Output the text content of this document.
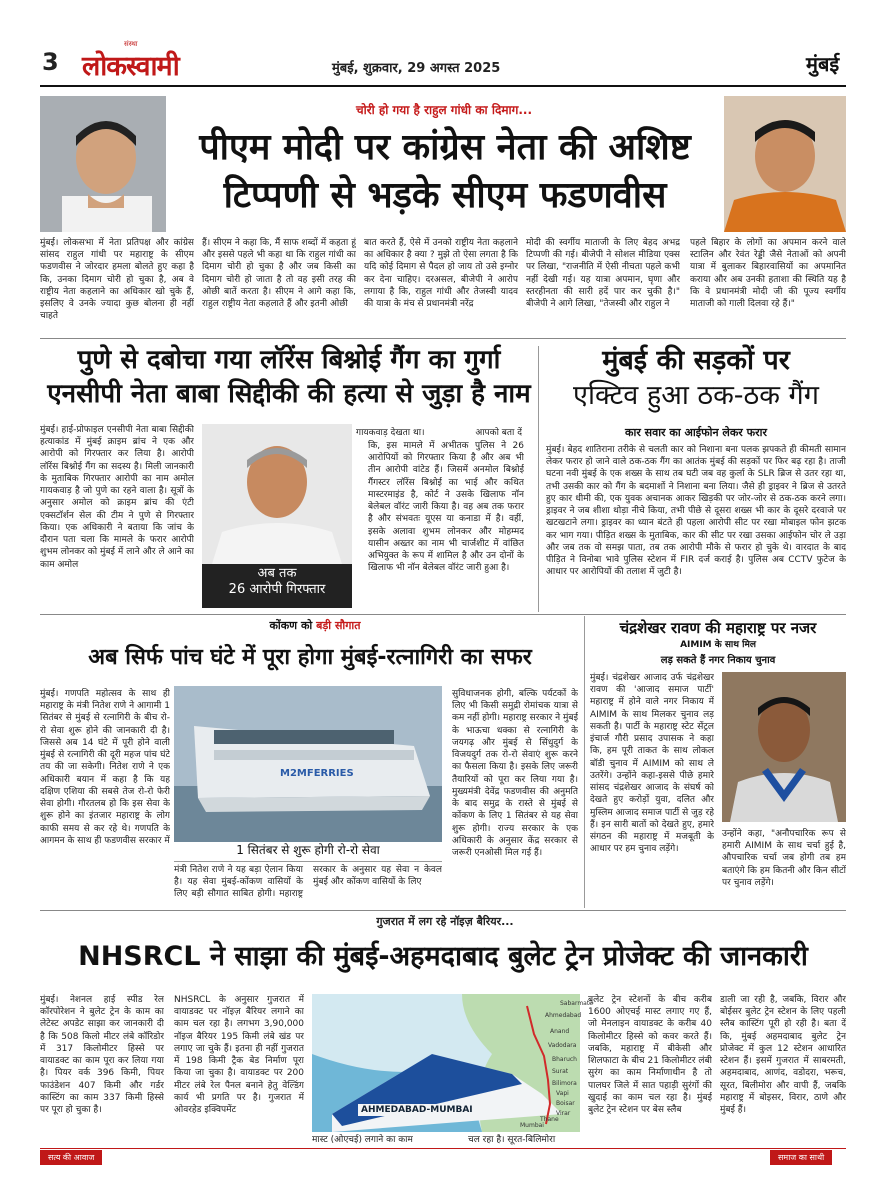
3
संस्था
लोकस्वामी	मुंबई, शुक्रवार, 29 अगस्त 2025	मुंबई
चोरी हो गया है राहुल गांधी का दिमाग...
पीएम मोदी पर कांग्रेस नेता की अशिष्ट
टिप्पणी से भड़के सीएम फडणवीस
मुंबई। लोकसभा में नेता प्रतिपक्ष और कांग्रेस सांसद राहुल गांधी पर महाराष्ट्र के सीएम फडणवीस ने जोरदार हमला बोलते हुए कहा है कि, उनका दिमाग चोरी हो चुका है, अब वे राष्ट्रीय नेता कहलाने का अधिकार खो चुके हैं, इसलिए वे उनके ज्यादा कुछ बोलना ही नहीं चाहते
हैं। सीएम ने कहा कि, मैं साफ शब्दों में कहता हूं और इससे पहले भी कहा था कि राहुल गांधी का दिमाग चोरी हो चुका है और जब किसी का दिमाग चोरी हो जाता है तो वह इसी तरह की ओछी बातें करता है। सीएम ने आगे कहा कि, राहुल राष्ट्रीय नेता कहलाते हैं और इतनी ओछी
बात करते हैं, ऐसे में उनको राष्ट्रीय नेता कहलाने का अधिकार है क्या ? मुझे तो ऐसा लगता है कि यदि कोई दिमाग से पैदल हो जाय तो उसे इग्नोर कर देना चाहिए। दरअसल, बीजेपी ने आरोप लगाया है कि, राहुल गांधी और तेजस्वी यादव की यात्रा के मंच से प्रधानमंत्री नरेंद्र
मोदी की स्वर्गीय माताजी के लिए बेहद अभद्र टिप्पणी की गई। बीजेपी ने सोशल मीडिया एक्स पर लिखा, "राजनीति में ऐसी नीचता पहले कभी नहीं देखी गई। यह यात्रा अपमान, घृणा और स्तरहीनता की सारी हदें पार कर चुकी है।" बीजेपी ने आगे लिखा, "तेजस्वी और राहुल ने
पहले बिहार के लोगों का अपमान करने वाले स्टालिन और रेवंत रेड्डी जैसे नेताओं को अपनी यात्रा में बुलाकर बिहारवासियों का अपमानित कराया और अब उनकी हताशा की स्थिति यह है कि वे प्रधानमंत्री मोदी जी की पूज्य स्वर्गीय माताजी को गाली दिलवा रहे हैं।"
पुणे से दबोचा गया लॉरेंस बिश्नोई गैंग का गुर्गा
एनसीपी नेता बाबा सिद्दीकी की हत्या से जुड़ा है नाम
मुंबई। हाई-प्रोफाइल एनसीपी नेता बाबा सिद्दीकी हत्याकांड में मुंबई क्राइम ब्रांच ने एक और आरोपी को गिरफ्तार कर लिया है। आरोपी लॉरेंस बिश्नोई गैंग का सदस्य है। मिली जानकारी के मुताबिक गिरफ्तार आरोपी का नाम अमोल गायकवाड़ है जो पुणे का रहने वाला है। सूत्रों के अनुसार अमोल को क्राइम ब्रांच की एंटी एक्सटॉर्शन सेल की टीम ने पुणे से गिरफ्तार किया। एक अधिकारी ने बताया कि जांच के दौरान पता चला कि मामले के फरार आरोपी शुभम लोनकर को मुंबई में लाने और ले आने का काम अमोल
अब तक
26 आरोपी गिरफ्तार
गायकवाड़ देखता था।	आपको बता दें
कि, इस मामले में अभीतक पुलिस ने 26 आरोपियों को गिरफ्तार किया है और अब भी तीन आरोपी वांटेड हैं। जिसमें अनमोल बिश्नोई गैंगस्टर लॉरेंस बिश्नोई का भाई और कथित मास्टरमाइंड है, कोर्ट ने उसके खिलाफ नॉन बेलेबल वॉरंट जारी किया है। वह अब तक फरार है और संभवतः यूएस या कनाडा में है। वहीं, इसके अलावा शुभम लोनकर और मोहम्मद यासीन अख्तर का नाम भी चार्जशीट में वांछित अभियुक्त के रूप में शामिल है और उन दोनों के खिलाफ भी नॉन बेलेबल वॉरंट जारी हुआ है।
मुंबई की सड़कों पर
एक्टिव हुआ ठक-ठक गैंग
कार सवार का आईफोन लेकर फरार
मुंबई। बेहद शातिराना तरीके से चलती कार को निशाना बना पलक झपकते ही कीमती सामान लेकर फरार हो जाने वाले ठक-ठक गैंग का आतंक मुंबई की सड़कों पर फिर बढ़ रहा है। ताजी घटना नवी मुंबई के एक शख्स के साथ तब घटी जब वह कुर्ला के SLR ब्रिज से उतर रहा था, तभी उसकी कार को गैंग के बदमाशों ने निशाना बना लिया। जैसे ही ड्राइवर ने ब्रिज से उतरते हुए कार धीमी की, एक युवक अचानक आकर खिड़की पर जोर-जोर से ठक-ठक करने लगा। ड्राइवर ने जब शीशा थोड़ा नीचे किया, तभी पीछे से दूसरा शख्स भी कार के दूसरे दरवाजे पर खटखटाने लगा। ड्राइवर का ध्यान बंटते ही पहला आरोपी सीट पर रखा मोबाइल फोन झटक कर भाग गया। पीड़ित शख्स के मुताबिक, कार की सीट पर रखा उसका आईफोन चोर ले उड़ा और जब तक वो समझ पाता, तब तक आरोपी मौके से फरार हो चुके थे। वारदात के बाद पीड़ित ने विनोबा भावे पुलिस स्टेशन में FIR दर्ज कराई है। पुलिस अब CCTV फुटेज के आधार पर आरोपियों की तलाश में जुटी है।
कोंकण को बड़ी सौगात
अब सिर्फ पांच घंटे में पूरा होगा मुंबई-रत्नागिरी का सफर
मुंबई। गणपति महोत्सव के साथ ही महाराष्ट्र के मंत्री नितेश राणे ने आगामी 1 सितंबर से मुंबई से रत्नागिरी के बीच रो-रो सेवा शुरू होने की जानकारी दी है। जिससे अब 14 घंटे में पूरी होने वाली मुंबई से रत्नागिरी की दूरी महज पांच घंटे तय की जा सकेगी। नितेश राणे ने एक अधिकारी बयान में कहा है कि यह दक्षिण एशिया की सबसे तेज रो-रो फेरी सेवा होगी। गौरतलब हो कि इस सेवा के शुरू होने का इंतजार महाराष्ट्र के लोग काफी समय से कर रहे थे। गणपति के आगमन के साथ ही फडणवीस सरकार में
M2MFERRIES
1 सितंबर से शुरू होगी रो-रो सेवा
मंत्री नितेश राणे ने यह बड़ा ऐलान किया है। यह सेवा मुंबई-कोंकण वासियों के लिए बड़ी सौगात साबित होगी। महाराष्ट्र सरकार के अनुसार यह सेवा न केवल मुंबई और कोंकण वासियों के लिए
सुविधाजनक होगी, बल्कि पर्यटकों के लिए भी किसी समुद्री रोमांचक यात्रा से कम नहीं होगी। महाराष्ट्र सरकार ने मुंबई के भाऊचा धक्का से रत्नागिरी के जयगढ़ और मुंबई से सिंधुदुर्ग के विजयदुर्ग तक रो-रो सेवाएं शुरू करने का फैसला किया है। इसके लिए जरूरी तैयारियों को पूरा कर लिया गया है। मुख्यमंत्री देवेंद्र फडणवीस की अनुमति के बाद समुद्र के रास्ते से मुंबई से कोंकण के लिए 1 सितंबर से यह सेवा शुरू होगी। राज्य सरकार के एक अधिकारी के अनुसार केंद्र सरकार से जरूरी एनओसी मिल गई हैं।
चंद्रशेखर रावण की महाराष्ट्र पर नजर
AIMIM के साथ मिल
लड़ सकते हैं नगर निकाय चुनाव
मुंबई। चंद्रशेखर आजाद उर्फ चंद्रशेखर रावण की 'आजाद समाज पार्टी' महाराष्ट्र में होने वाले नगर निकाय में AIMIM के साथ मिलकर चुनाव लड़ सकती है। पार्टी के महाराष्ट्र स्टेट सेंट्रल इंचार्ज गौरी प्रसाद उपासक ने कहा कि, हम पूरी ताकत के साथ लोकल बॉडी चुनाव में AIMIM को साथ ले उतरेंगे। उन्होंने कहा-इससे पीछे हमारे सांसद चंद्रशेखर आजाद के संघर्ष को देखते हुए करोड़ों युवा, दलित और मुस्लिम आजाद समाज पार्टी से जुड़ रहे हैं। इन सारी बातों को देखते हुए, हमारे संगठन की महाराष्ट्र में मजबूती के आधार पर हम चुनाव लड़ेंगे।
उन्होंने कहा, "अनौपचारिक रूप से हमारी AIMIM के साथ चर्चा हुई है, औपचारिक चर्चा जब होगी तब हम बताएंगे कि हम कितनी और किन सीटों पर चुनाव लड़ेंगे।
गुजरात में लग रहे नॉइज़ बैरियर...
NHSRCL ने साझा की मुंबई-अहमदाबाद बुलेट ट्रेन प्रोजेक्ट की जानकारी
मुंबई। नेशनल हाई स्पीड रेल कॉरपोरेशन ने बुलेट ट्रेन के काम का लेटेस्ट अपडेट साझा कर जानकारी दी है कि 508 किलो मीटर लंबे कॉरिडोर में 317 किलोमीटर हिस्से पर वायाडक्ट का काम पूरा कर लिया गया है। पियर वर्क 396 किमी, पियर फाउंडेशन 407 किमी और गर्डर कास्टिंग का काम 337 किमी हिस्से पर पूरा हो चुका है।
NHSRCL के अनुसार गुजरात में वायाडक्ट पर नॉइज़ बैरियर लगाने का काम चल रहा है। लगभग 3,90,000 नॉइज बैरियर 195 किमी लंबे खंड पर लगाए जा चुके हैं। इतना ही नहीं गुजरात में 198 किमी ट्रैक बेड निर्माण पूरा किया जा चुका है। वायाडक्ट पर 200 मीटर लंबे रेल पैनल बनाने हेतु वेल्डिंग कार्य भी प्रगति पर है। गुजरात में ओवरहेड इक्विपमेंट
Sabarmati
Ahmedabad
Anand
Vadodara
Bharuch
Surat
Bilimora
Vapi
Boisar
Virar
Thane
Mumbai
AHMEDABAD-MUMBAI
मास्ट (ओएचई) लगाने का काम	चल रहा है। सूरत-बिलिमोरा
बुलेट ट्रेन स्टेशनों के बीच करीब 1600 ओएचई मास्ट लगाए गए हैं, जो मेनलाइन वायाडक्ट के करीब 40 किलोमीटर हिस्से को कवर करते हैं। जबकि, महाराष्ट्र में बीकेसी और शिलफाटा के बीच 21 किलोमीटर लंबी सुरंग का काम निर्माणाधीन है तो पालघर जिले में सात पहाड़ी सुरंगों की खुदाई का काम चल रहा है। मुंबई बुलेट ट्रेन स्टेशन पर बेस स्लैब
डाली जा रही है, जबकि, विरार और बोईसर बुलेट ट्रेन स्टेशन के लिए पहली स्लैब कास्टिंग पूरी हो रही है। बता दें कि, मुंबई अहमदाबाद बुलेट ट्रेन प्रोजेक्ट में कुल 12 स्टेशन आधारित स्टेशन हैं। इसमें गुजरात में साबरमती, अहमदाबाद, आणंद, वडोदरा, भरूच, सूरत, बिलीमोरा और वापी हैं, जबकि महाराष्ट्र में बोइसर, विरार, ठाणे और मुंबई हैं।
सत्य की आवाज	समाज का साथी
